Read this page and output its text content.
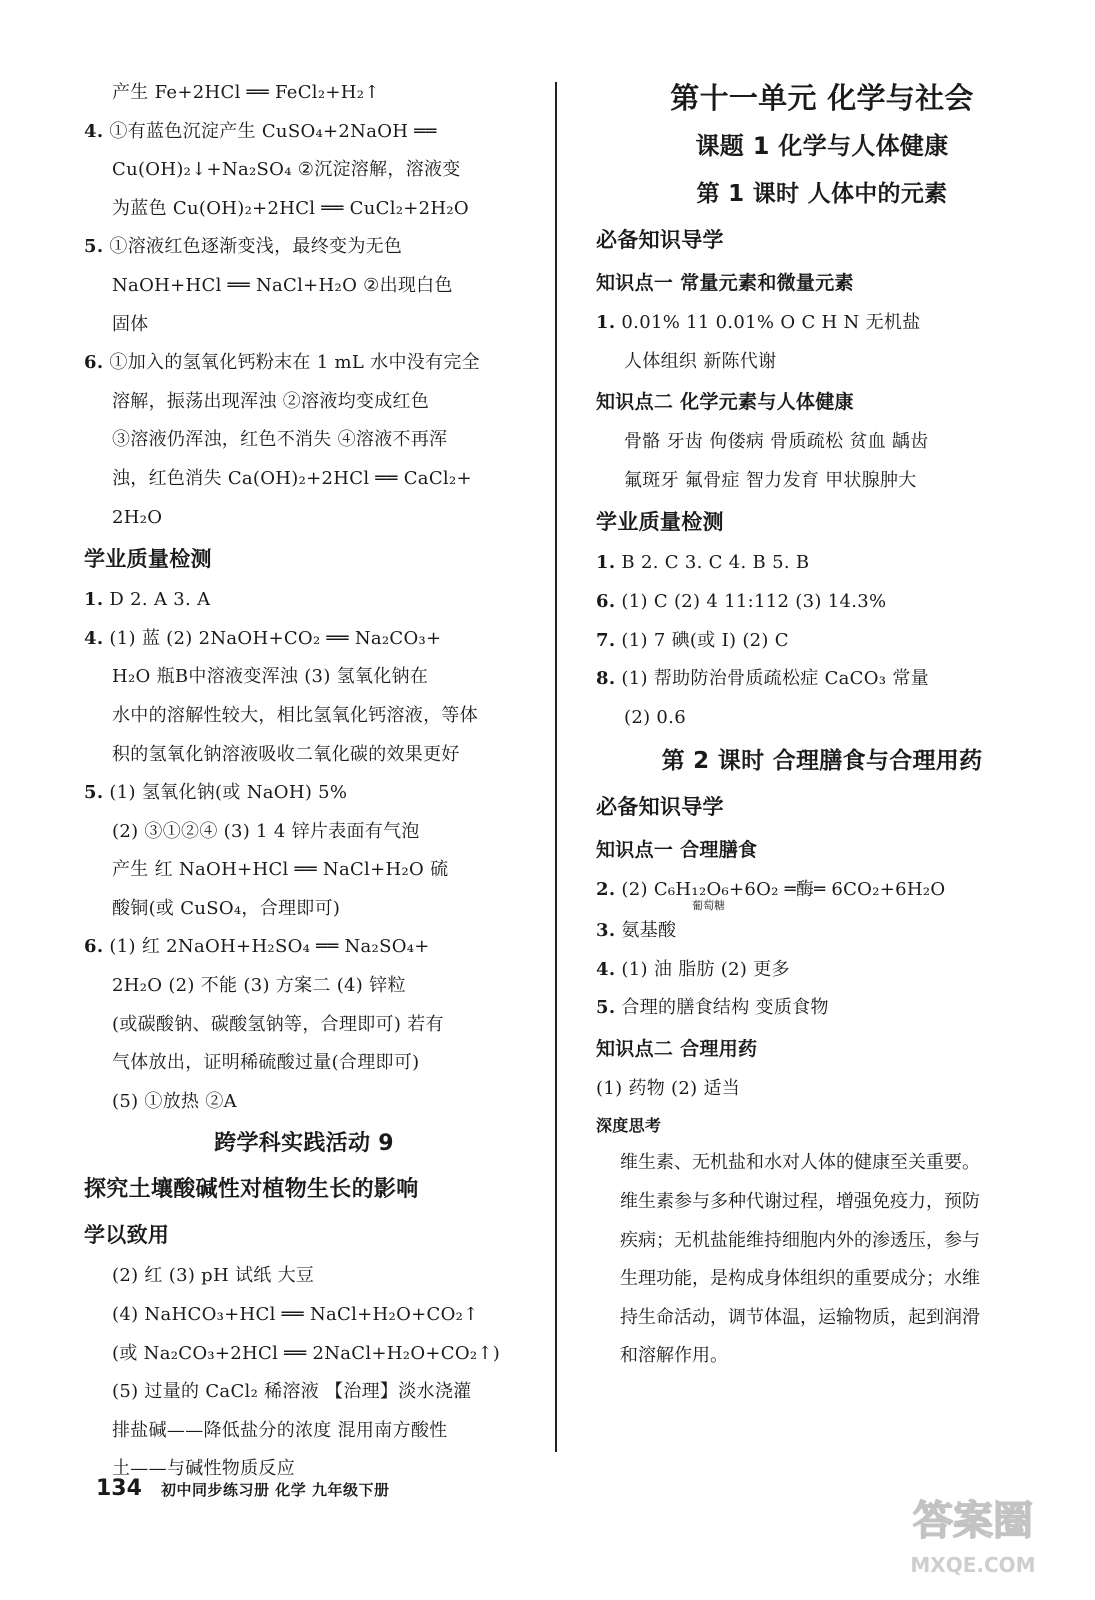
产生 Fe+2HCl ══ FeCl₂+H₂↑
4. ①有蓝色沉淀产生 CuSO₄+2NaOH ══
Cu(OH)₂↓+Na₂SO₄ ②沉淀溶解，溶液变
为蓝色 Cu(OH)₂+2HCl ══ CuCl₂+2H₂O
5. ①溶液红色逐渐变浅，最终变为无色
NaOH+HCl ══ NaCl+H₂O ②出现白色
固体
6. ①加入的氢氧化钙粉末在 1 mL 水中没有完全
溶解，振荡出现浑浊 ②溶液均变成红色
③溶液仍浑浊，红色不消失 ④溶液不再浑
浊，红色消失 Ca(OH)₂+2HCl ══ CaCl₂+
2H₂O
学业质量检测
1. D 2. A 3. A
4. (1) 蓝 (2) 2NaOH+CO₂ ══ Na₂CO₃+
H₂O 瓶B中溶液变浑浊 (3) 氢氧化钠在
水中的溶解性较大，相比氢氧化钙溶液，等体
积的氢氧化钠溶液吸收二氧化碳的效果更好
5. (1) 氢氧化钠(或 NaOH) 5%
(2) ③①②④ (3) 1 4 锌片表面有气泡
产生 红 NaOH+HCl ══ NaCl+H₂O 硫
酸铜(或 CuSO₄，合理即可)
6. (1) 红 2NaOH+H₂SO₄ ══ Na₂SO₄+
2H₂O (2) 不能 (3) 方案二 (4) 锌粒
(或碳酸钠、碳酸氢钠等，合理即可) 若有
气体放出，证明稀硫酸过量(合理即可)
(5) ①放热 ②A
跨学科实践活动 9
探究土壤酸碱性对植物生长的影响
学以致用
(2) 红 (3) pH 试纸 大豆
(4) NaHCO₃+HCl ══ NaCl+H₂O+CO₂↑
(或 Na₂CO₃+2HCl ══ 2NaCl+H₂O+CO₂↑)
(5) 过量的 CaCl₂ 稀溶液 【治理】淡水浇灌
排盐碱——降低盐分的浓度 混用南方酸性
土——与碱性物质反应
第十一单元 化学与社会
课题 1 化学与人体健康
第 1 课时 人体中的元素
必备知识导学
知识点一 常量元素和微量元素
1. 0.01% 11 0.01% O C H N 无机盐
人体组织 新陈代谢
知识点二 化学元素与人体健康
骨骼 牙齿 佝偻病 骨质疏松 贫血 龋齿
氟斑牙 氟骨症 智力发育 甲状腺肿大
学业质量检测
1. B 2. C 3. C 4. B 5. B
6. (1) C (2) 4 11:112 (3) 14.3%
7. (1) 7 碘(或 I) (2) C
8. (1) 帮助防治骨质疏松症 CaCO₃ 常量
(2) 0.6
第 2 课时 合理膳食与合理用药
必备知识导学
知识点一 合理膳食
2. (2) C₆H₁₂O₆+6O₂ ═酶═ 6CO₂+6H₂O
葡萄糖
3. 氨基酸
4. (1) 油 脂肪 (2) 更多
5. 合理的膳食结构 变质食物
知识点二 合理用药
(1) 药物 (2) 适当
深度思考
维生素、无机盐和水对人体的健康至关重要。
维生素参与多种代谢过程，增强免疫力，预防
疾病；无机盐能维持细胞内外的渗透压，参与
生理功能，是构成身体组织的重要成分；水维
持生命活动，调节体温，运输物质，起到润滑
和溶解作用。
134 初中同步练习册 化学 九年级下册
答案圈
MXQE.COM
